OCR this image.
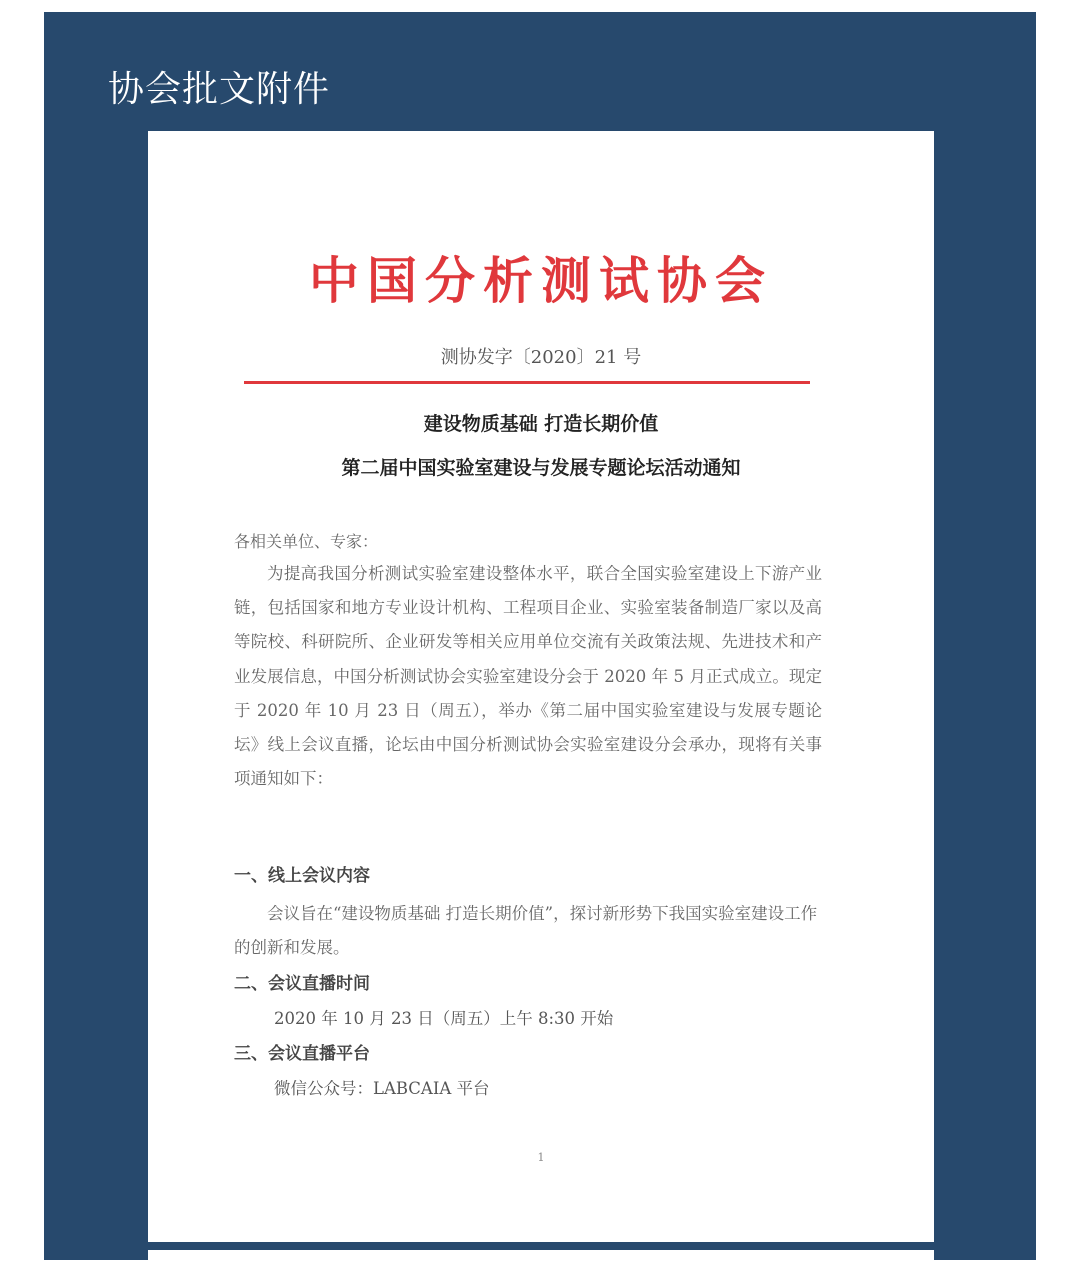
协会批文附件
中国分析测试协会
测协发字〔2020〕21 号
建设物质基础 打造长期价值
第二届中国实验室建设与发展专题论坛活动通知
各相关单位、专家：

为提高我国分析测试实验室建设整体水平，联合全国实验室建设上下游产业链，包括国家和地方专业设计机构、工程项目企业、实验室装备制造厂家以及高等院校、科研院所、企业研发等相关应用单位交流有关政策法规、先进技术和产业发展信息，中国分析测试协会实验室建设分会于 2020 年 5 月正式成立。现定于 2020 年 10 月 23 日（周五），举办《第二届中国实验室建设与发展专题论坛》线上会议直播，论坛由中国分析测试协会实验室建设分会承办，现将有关事项通知如下：

一、线上会议内容

会议旨在“建设物质基础 打造长期价值”，探讨新形势下我国实验室建设工作的创新和发展。

二、会议直播时间
2020 年 10 月 23 日（周五）上午 8:30 开始
三、会议直播平台
微信公众号：LABCAIA 平台
1
